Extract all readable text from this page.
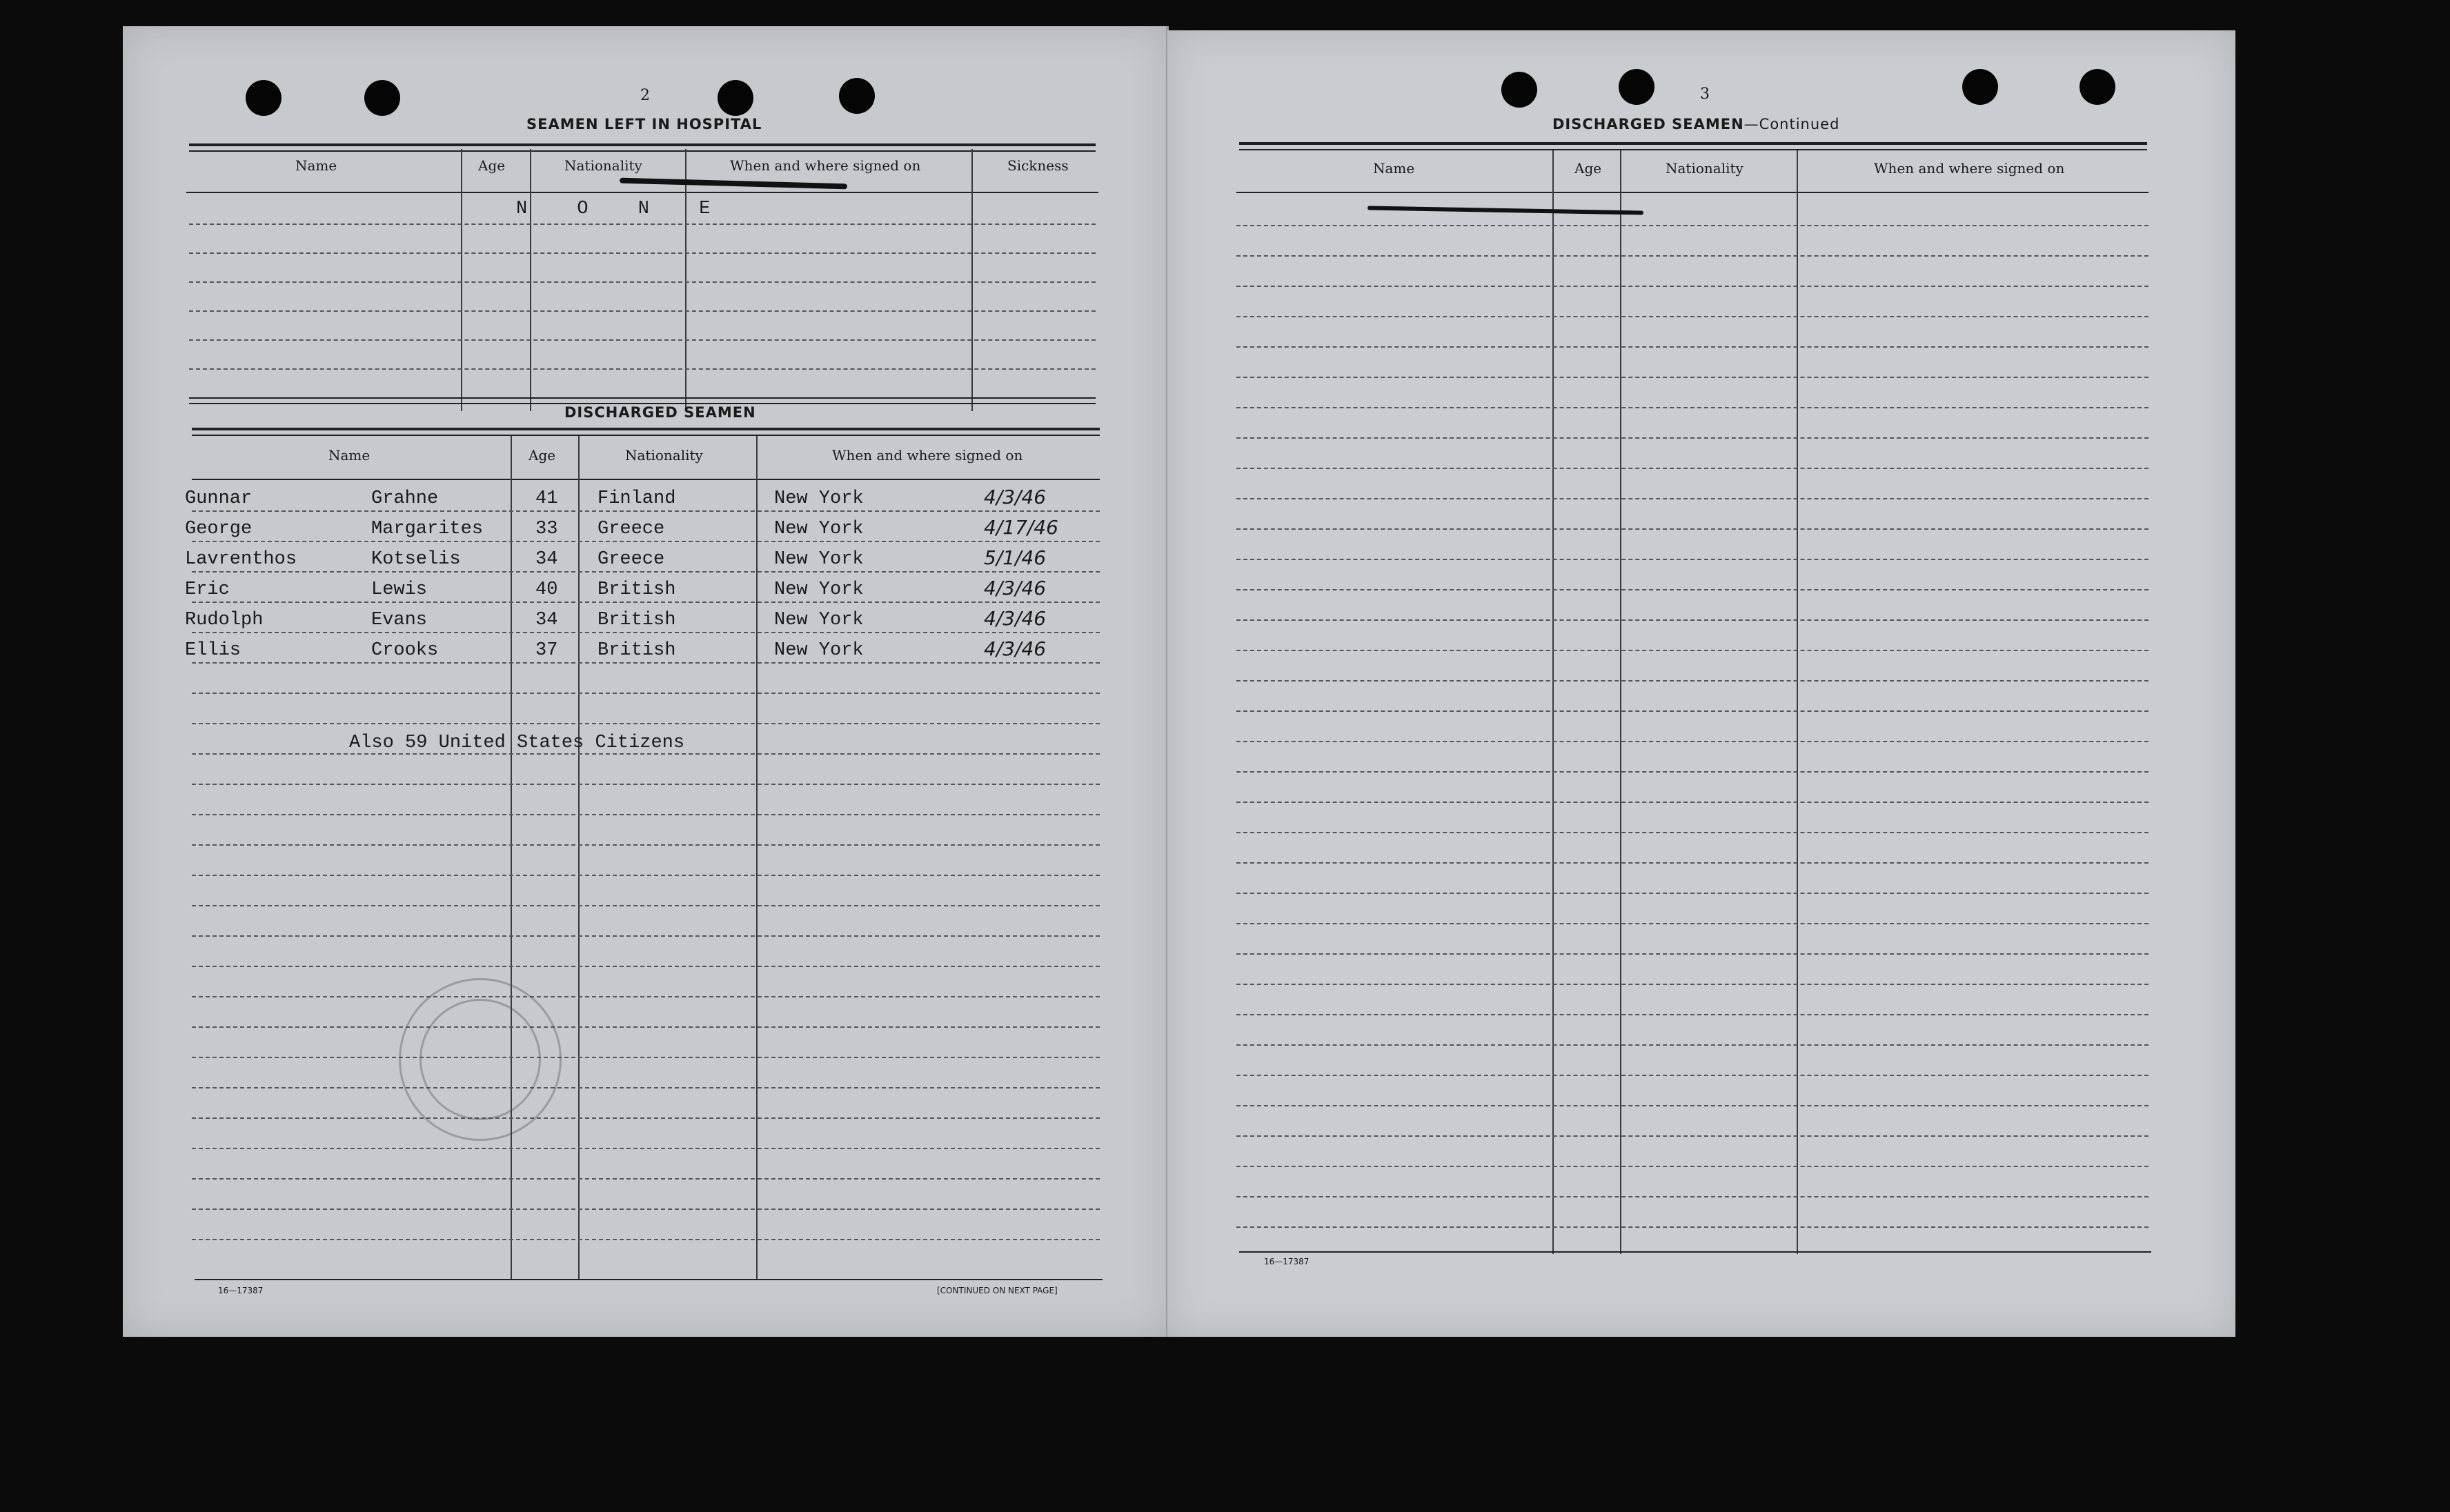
2
SEAMEN LEFT IN HOSPITAL
Name	Age	Nationality	When and where signed on	Sickness
N O N E
DISCHARGED SEAMEN
Name	Age	Nationality	When and where signed on
Gunnar	Grahne	41 Finland	New York	4/3/46
George	Margarites	33 Greece	New York	4/17/46
Lavrenthos	Kotselis	34 Greece	New York	5/1/46
Eric	Lewis	40 British	New York	4/3/46
Rudolph	Evans	34 British	New York	4/3/46
Ellis	Crooks	37 British	New York	4/3/46
Also 59 United States Citizens
16—17387	[CONTINUED ON NEXT PAGE]
3
DISCHARGED SEAMEN—Continued
Name	Age	Nationality	When and where signed on
16—17387
